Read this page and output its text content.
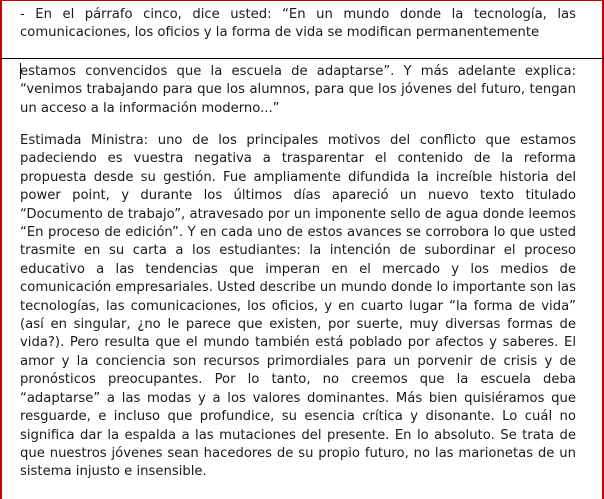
- En el párrafo cinco, dice usted: “En un mundo donde la tecnología, las comunicaciones, los oficios y la forma de vida se modifican permanentemente

estamos convencidos que la escuela de adaptarse”. Y más adelante explica: “venimos trabajando para que los alumnos, para que los jóvenes del futuro, tengan un acceso a la información moderno...”

Estimada Ministra: uno de los principales motivos del conflicto que estamos padeciendo es vuestra negativa a trasparentar el contenido de la reforma propuesta desde su gestión. Fue ampliamente difundida la increíble historia del power point, y durante los últimos días apareció un nuevo texto titulado “Documento de trabajo”, atravesado por un imponente sello de agua donde leemos “En proceso de edición”. Y en cada uno de estos avances se corrobora lo que usted trasmite en su carta a los estudiantes: la intención de subordinar el proceso educativo a las tendencias que imperan en el mercado y los medios de comunicación empresariales. Usted describe un mundo donde lo importante son las tecnologías, las comunicaciones, los oficios, y en cuarto lugar “la forma de vida” (así en singular, ¿no le parece que existen, por suerte, muy diversas formas de vida?). Pero resulta que el mundo también está poblado por afectos y saberes. El amor y la conciencia son recursos primordiales para un porvenir de crisis y de pronósticos preocupantes. Por lo tanto, no creemos que la escuela deba “adaptarse” a las modas y a los valores dominantes. Más bien quisiéramos que resguarde, e incluso que profundice, su esencia crítica y disonante. Lo cuál no significa dar la espalda a las mutaciones del presente. En lo absoluto. Se trata de que nuestros jóvenes sean hacedores de su propio futuro, no las marionetas de un sistema injusto e insensible.
